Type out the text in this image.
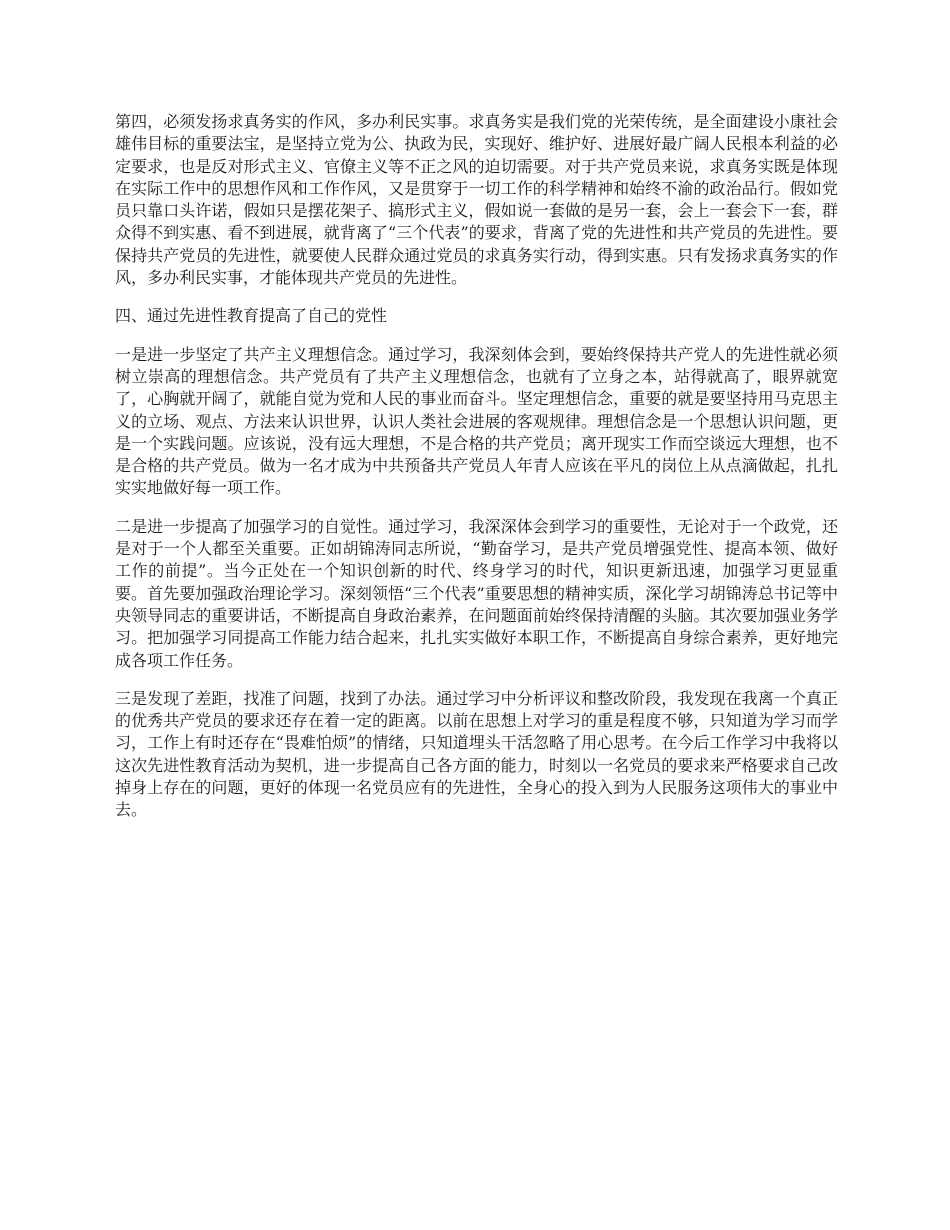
第四，必须发扬求真务实的作风，多办利民实事。求真务实是我们党的光荣传统，是全面建设小康社会雄伟目标的重要法宝，是坚持立党为公、执政为民，实现好、维护好、进展好最广阔人民根本利益的必定要求，也是反对形式主义、官僚主义等不正之风的迫切需要。对于共产党员来说，求真务实既是体现在实际工作中的思想作风和工作作风，又是贯穿于一切工作的科学精神和始终不渝的政治品行。假如党员只靠口头许诺，假如只是摆花架子、搞形式主义，假如说一套做的是另一套，会上一套会下一套，群众得不到实惠、看不到进展，就背离了“三个代表”的要求，背离了党的先进性和共产党员的先进性。要保持共产党员的先进性，就要使人民群众通过党员的求真务实行动，得到实惠。只有发扬求真务实的作风，多办利民实事，才能体现共产党员的先进性。

四、通过先进性教育提高了自己的党性

一是进一步坚定了共产主义理想信念。通过学习，我深刻体会到，要始终保持共产党人的先进性就必须树立崇高的理想信念。共产党员有了共产主义理想信念，也就有了立身之本，站得就高了，眼界就宽了，心胸就开阔了，就能自觉为党和人民的事业而奋斗。坚定理想信念，重要的就是要坚持用马克思主义的立场、观点、方法来认识世界，认识人类社会进展的客观规律。理想信念是一个思想认识问题，更是一个实践问题。应该说，没有远大理想，不是合格的共产党员；离开现实工作而空谈远大理想，也不是合格的共产党员。做为一名才成为中共预备共产党员人年青人应该在平凡的岗位上从点滴做起，扎扎实实地做好每一项工作。

二是进一步提高了加强学习的自觉性。通过学习，我深深体会到学习的重要性，无论对于一个政党，还是对于一个人都至关重要。正如胡锦涛同志所说，“勤奋学习，是共产党员增强党性、提高本领、做好工作的前提”。当今正处在一个知识创新的时代、终身学习的时代，知识更新迅速，加强学习更显重要。首先要加强政治理论学习。深刻领悟“三个代表”重要思想的精神实质，深化学习胡锦涛总书记等中央领导同志的重要讲话，不断提高自身政治素养，在问题面前始终保持清醒的头脑。其次要加强业务学习。把加强学习同提高工作能力结合起来，扎扎实实做好本职工作，不断提高自身综合素养，更好地完成各项工作任务。

三是发现了差距，找准了问题，找到了办法。通过学习中分析评议和整改阶段，我发现在我离一个真正的优秀共产党员的要求还存在着一定的距离。以前在思想上对学习的重是程度不够，只知道为学习而学习，工作上有时还存在“畏难怕烦”的情绪，只知道埋头干活忽略了用心思考。在今后工作学习中我将以这次先进性教育活动为契机，进一步提高自己各方面的能力，时刻以一名党员的要求来严格要求自己改掉身上存在的问题，更好的体现一名党员应有的先进性，全身心的投入到为人民服务这项伟大的事业中去。
